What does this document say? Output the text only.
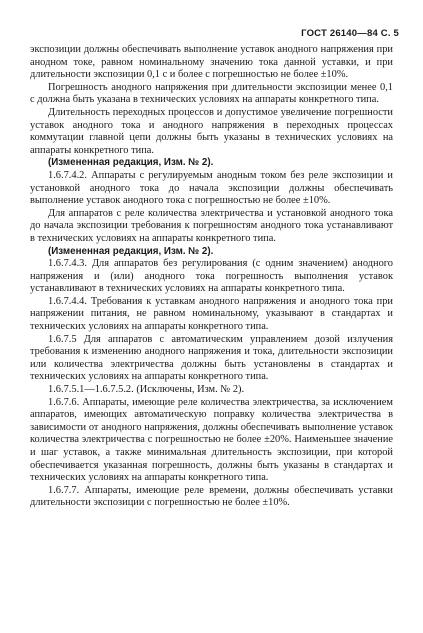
ГОСТ 26140—84 С. 5

экспозиции должны обеспечивать выполнение уставок анодного напряжения при анодном токе, равном номинальному значению тока данной уставки, и при длительности экспозиции 0,1 с и более с погрешностью не более ±10%.

Погрешность анодного напряжения при длительности экспозиции менее 0,1 с должна быть указана в технических условиях на аппараты конкретного типа.

Длительность переходных процессов и допустимое увеличение погрешности уставок анодного тока и анодного напряжения в переходных процессах коммутации главной цепи должны быть указаны в технических условиях на аппараты конкретного типа.

(Измененная редакция, Изм. № 2).

1.6.7.4.2. Аппараты с регулируемым анодным током без реле экспозиции и установкой анодного тока до начала экспозиции должны обеспечивать выполнение уставок анодного тока с погрешностью не более ±10%.

Для аппаратов с реле количества электричества и установкой анодного тока до начала экспозиции требования к погрешностям анодного тока устанавливают в технических условиях на аппараты конкретного типа.

(Измененная редакция, Изм. № 2).

1.6.7.4.3. Для аппаратов без регулирования (с одним значением) анодного напряжения и (или) анодного тока погрешность выполнения уставок устанавливают в технических условиях на аппараты конкретного типа.

1.6.7.4.4. Требования к уставкам анодного напряжения и анодного тока при напряжении питания, не равном номинальному, указывают в стандартах и технических условиях на аппараты конкретного типа.

1.6.7.5 Для аппаратов с автоматическим управлением дозой излучения требования к изменению анодного напряжения и тока, длительности экспозиции или количества электричества должны быть установлены в стандартах и технических условиях на аппараты конкретного типа.

1.6.7.5.1—1.6.7.5.2. (Исключены, Изм. № 2).

1.6.7.6. Аппараты, имеющие реле количества электричества, за исключением аппаратов, имеющих автоматическую поправку количества электричества в зависимости от анодного напряжения, должны обеспечивать выполнение уставок количества электричества с погрешностью не более ±20%. Наименьшее значение и шаг уставок, а также минимальная длительность экспозиции, при которой обеспечивается указанная погрешность, должны быть указаны в стандартах и технических условиях на аппараты конкретного типа.

1.6.7.7. Аппараты, имеющие реле времени, должны обеспечивать уставки длительности экспозиции с погрешностью не более ±10%.
